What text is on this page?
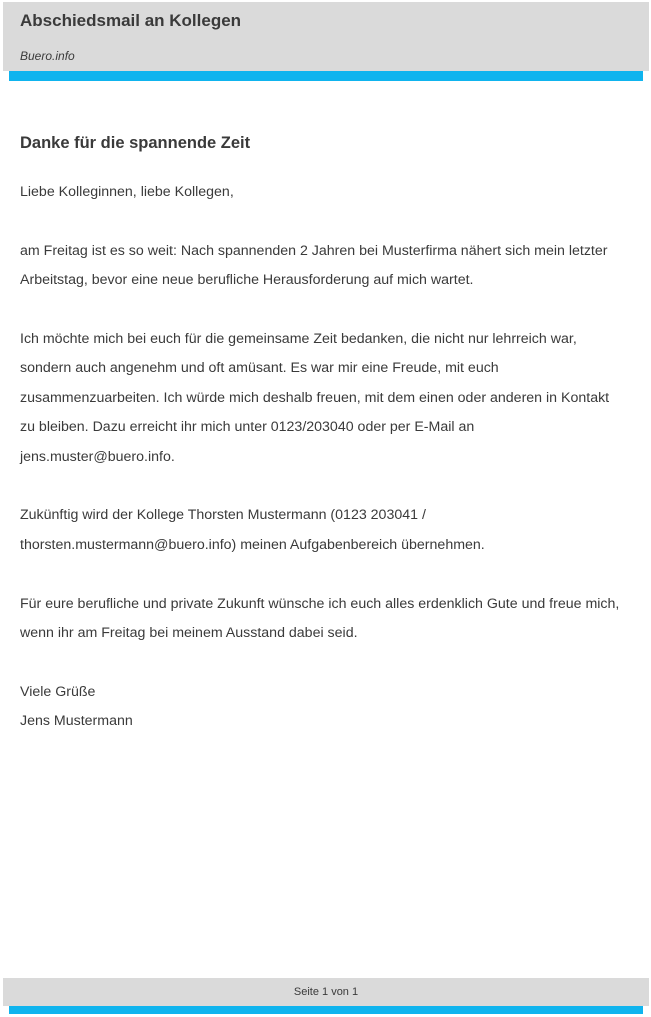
Abschiedsmail an Kollegen
Buero.info
Danke für die spannende Zeit

Liebe Kolleginnen, liebe Kollegen,

am Freitag ist es so weit: Nach spannenden 2 Jahren bei Musterfirma nähert sich mein letzter Arbeitstag, bevor eine neue berufliche Herausforderung auf mich wartet.

Ich möchte mich bei euch für die gemeinsame Zeit bedanken, die nicht nur lehrreich war, sondern auch angenehm und oft amüsant. Es war mir eine Freude, mit euch zusammenzuarbeiten. Ich würde mich deshalb freuen, mit dem einen oder anderen in Kontakt zu bleiben. Dazu erreicht ihr mich unter 0123/203040 oder per E-Mail an jens.muster@buero.info.

Zukünftig wird der Kollege Thorsten Mustermann (0123 203041 / thorsten.mustermann@buero.info) meinen Aufgabenbereich übernehmen.

Für eure berufliche und private Zukunft wünsche ich euch alles erdenklich Gute und freue mich, wenn ihr am Freitag bei meinem Ausstand dabei seid.

Viele Grüße

Jens Mustermann

Seite 1 von 1
